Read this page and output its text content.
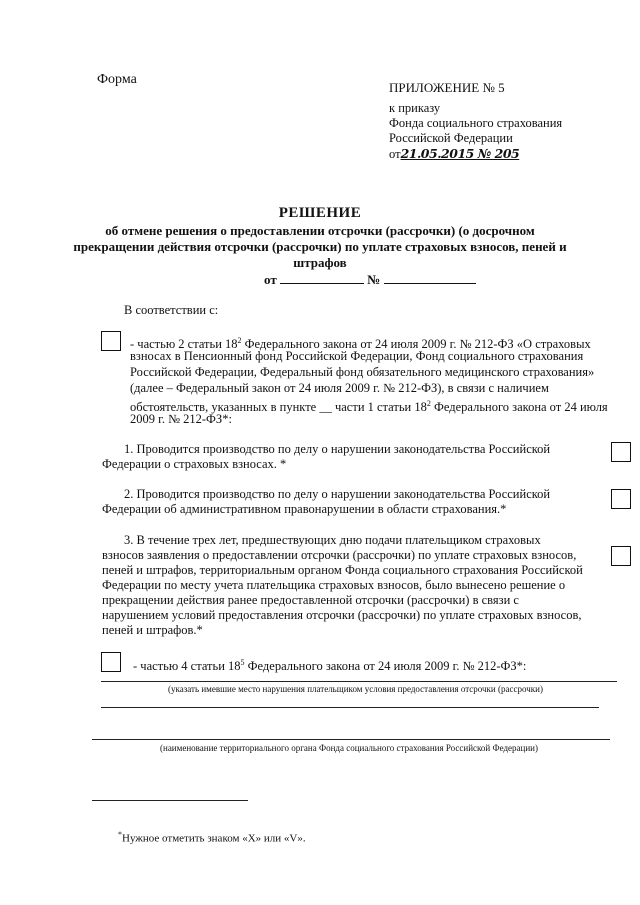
Форма
ПРИЛОЖЕНИЕ № 5
к приказу
Фонда социального страхования
Российской Федерации
от21.05.2015 № 205
РЕШЕНИЕ
об отмене решения о предоставлении отсрочки (рассрочки) (о досрочном
прекращении действия отсрочки (рассрочки) по уплате страховых взносов, пеней и
штрафов
от	№
В соответствии с:
- частью 2 статьи $18^2$ Федерального закона от 24 июля 2009 г. № 212-ФЗ «О страховых
взносах в Пенсионный фонд Российской Федерации, Фонд социального страхования
Российской Федерации, Федеральный фонд обязательного медицинского страхования»
(далее – Федеральный закон от 24 июля 2009 г. № 212-ФЗ), в связи с наличием
обстоятельств, указанных в пункте __ части 1 статьи $18^2$ Федерального закона от 24 июля
2009 г. № 212-ФЗ*:
1. Проводится производство по делу о нарушении законодательства Российской
Федерации о страховых взносах. *
2. Проводится производство по делу о нарушении законодательства Российской
Федерации об административном правонарушении в области страхования.*
3. В течение трех лет, предшествующих дню подачи плательщиком страховых
взносов заявления о предоставлении отсрочки (рассрочки) по уплате страховых взносов,
пеней и штрафов, территориальным органом Фонда социального страхования Российской
Федерации по месту учета плательщика страховых взносов, было вынесено решение о
прекращении действия ранее предоставленной отсрочки (рассрочки) в связи с
нарушением условий предоставления отсрочки (рассрочки) по уплате страховых взносов,
пеней и штрафов.*
- частью 4 статьи $18^5$ Федерального закона от 24 июля 2009 г. № 212-ФЗ*:
(указать имевшие место нарушения плательщиком условия предоставления отсрочки (рассрочки)
(наименование территориального органа Фонда социального страхования Российской Федерации)
*Нужное отметить знаком «X» или «V».
